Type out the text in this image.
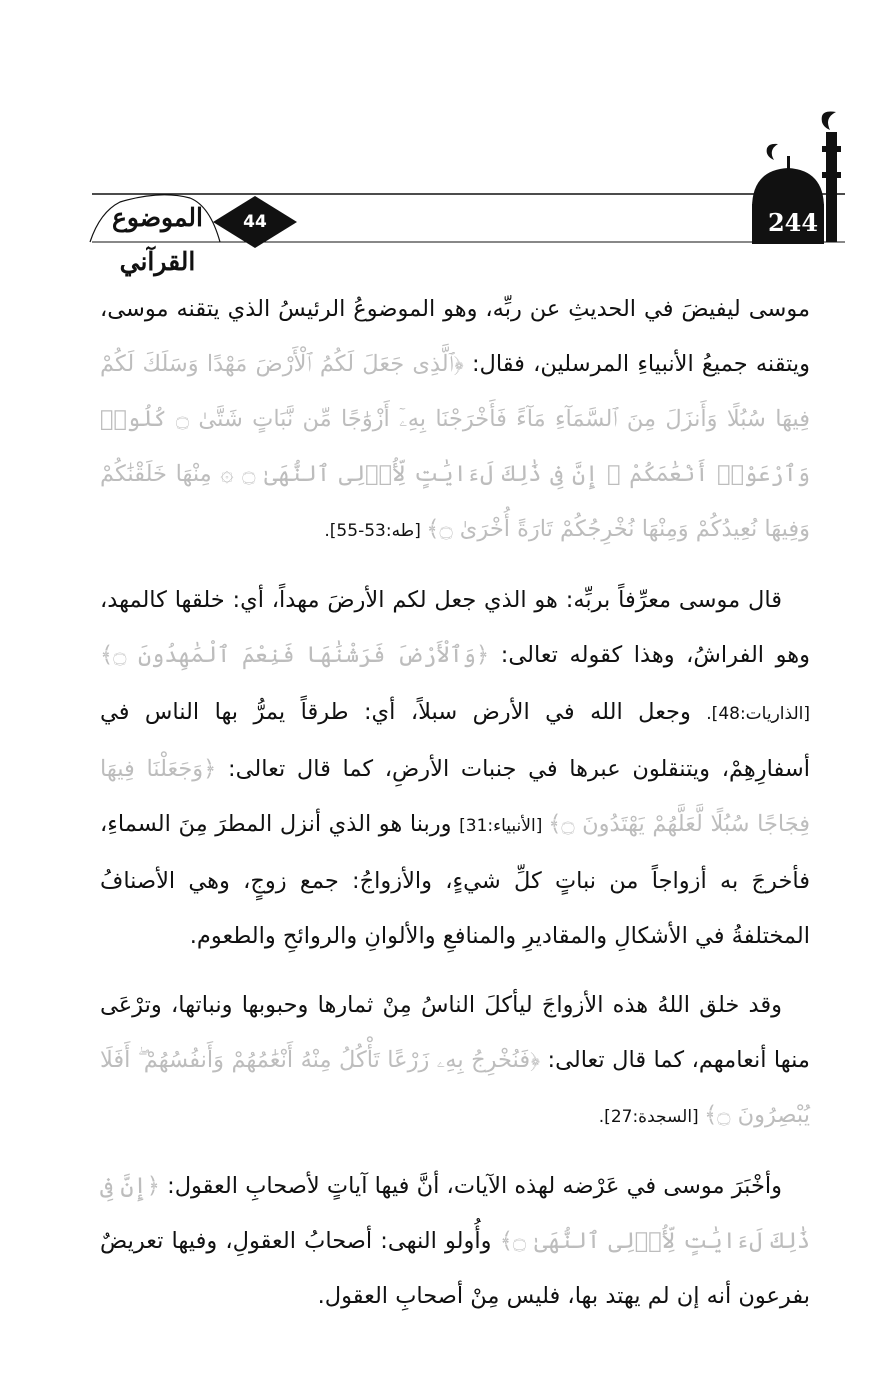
244
44
الموضوع القرآني

موسى ليفيضَ في الحديثِ عن ربِّه، وهو الموضوعُ الرئيسُ الذي يتقنه موسى، ويتقنه جميعُ الأنبياءِ المرسلين، فقال: ﴿ٱلَّذِى جَعَلَ لَكُمُ ٱلْأَرْضَ مَهْدًا وَسَلَكَ لَكُمْ فِيهَا سُبُلًا وَأَنزَلَ مِنَ ٱلسَّمَآءِ مَآءً فَأَخْرَجْنَا بِهِۦٓ أَزْوَٰجًا مِّن نَّبَاتٍ شَتَّىٰ ۝ كُلُوا۟ وَٱرْعَوْا۟ أَنْعَٰمَكُمْ ۗ إِنَّ فِى ذَٰلِكَ لَءَايَٰتٍ لِّأُو۟لِى ٱلنُّهَىٰ ۝ ۞ مِنْهَا خَلَقْنَٰكُمْ وَفِيهَا نُعِيدُكُمْ وَمِنْهَا نُخْرِجُكُمْ تَارَةً أُخْرَىٰ ۝﴾ [طه:53-55].

قال موسى معرِّفاً بربِّه: هو الذي جعل لكم الأرضَ مهداً، أي: خلقها كالمهد، وهو الفراشُ، وهذا كقوله تعالى: ﴿وَٱلْأَرْضَ فَرَشْنَٰهَا فَنِعْمَ ٱلْمَٰهِدُونَ ۝﴾ [الذاريات:48]. وجعل الله في الأرض سبلاً، أي: طرقاً يمرُّ بها الناس في أسفارِهِمْ، ويتنقلون عبرها في جنبات الأرضِ، كما قال تعالى: ﴿وَجَعَلْنَا فِيهَا فِجَاجًا سُبُلًا لَّعَلَّهُمْ يَهْتَدُونَ ۝﴾ [الأنبياء:31] وربنا هو الذي أنزل المطرَ مِنَ السماءِ، فأخرجَ به أزواجاً من نباتٍ كلِّ شيءٍ، والأزواجُ: جمع زوجٍ، وهي الأصنافُ المختلفةُ في الأشكالِ والمقاديرِ والمنافعِ والألوانِ والروائحِ والطعوم.

وقد خلق اللهُ هذه الأزواجَ ليأكلَ الناسُ مِنْ ثمارها وحبوبها ونباتها، وترْعَى منها أنعامهم، كما قال تعالى: ﴿فَنُخْرِجُ بِهِۦ زَرْعًا تَأْكُلُ مِنْهُ أَنْعَٰمُهُمْ وَأَنفُسُهُمْ ۖ أَفَلَا يُبْصِرُونَ ۝﴾ [السجدة:27].

وأخْبَرَ موسى في عَرْضه لهذه الآيات، أنَّ فيها آياتٍ لأصحابِ العقول: ﴿إِنَّ فِى ذَٰلِكَ لَءَايَٰتٍ لِّأُو۟لِى ٱلنُّهَىٰ ۝﴾ وأُولو النهى: أصحابُ العقولِ، وفيها تعريضٌ بفرعون أنه إن لم يهتد بها، فليس مِنْ أصحابِ العقول.
